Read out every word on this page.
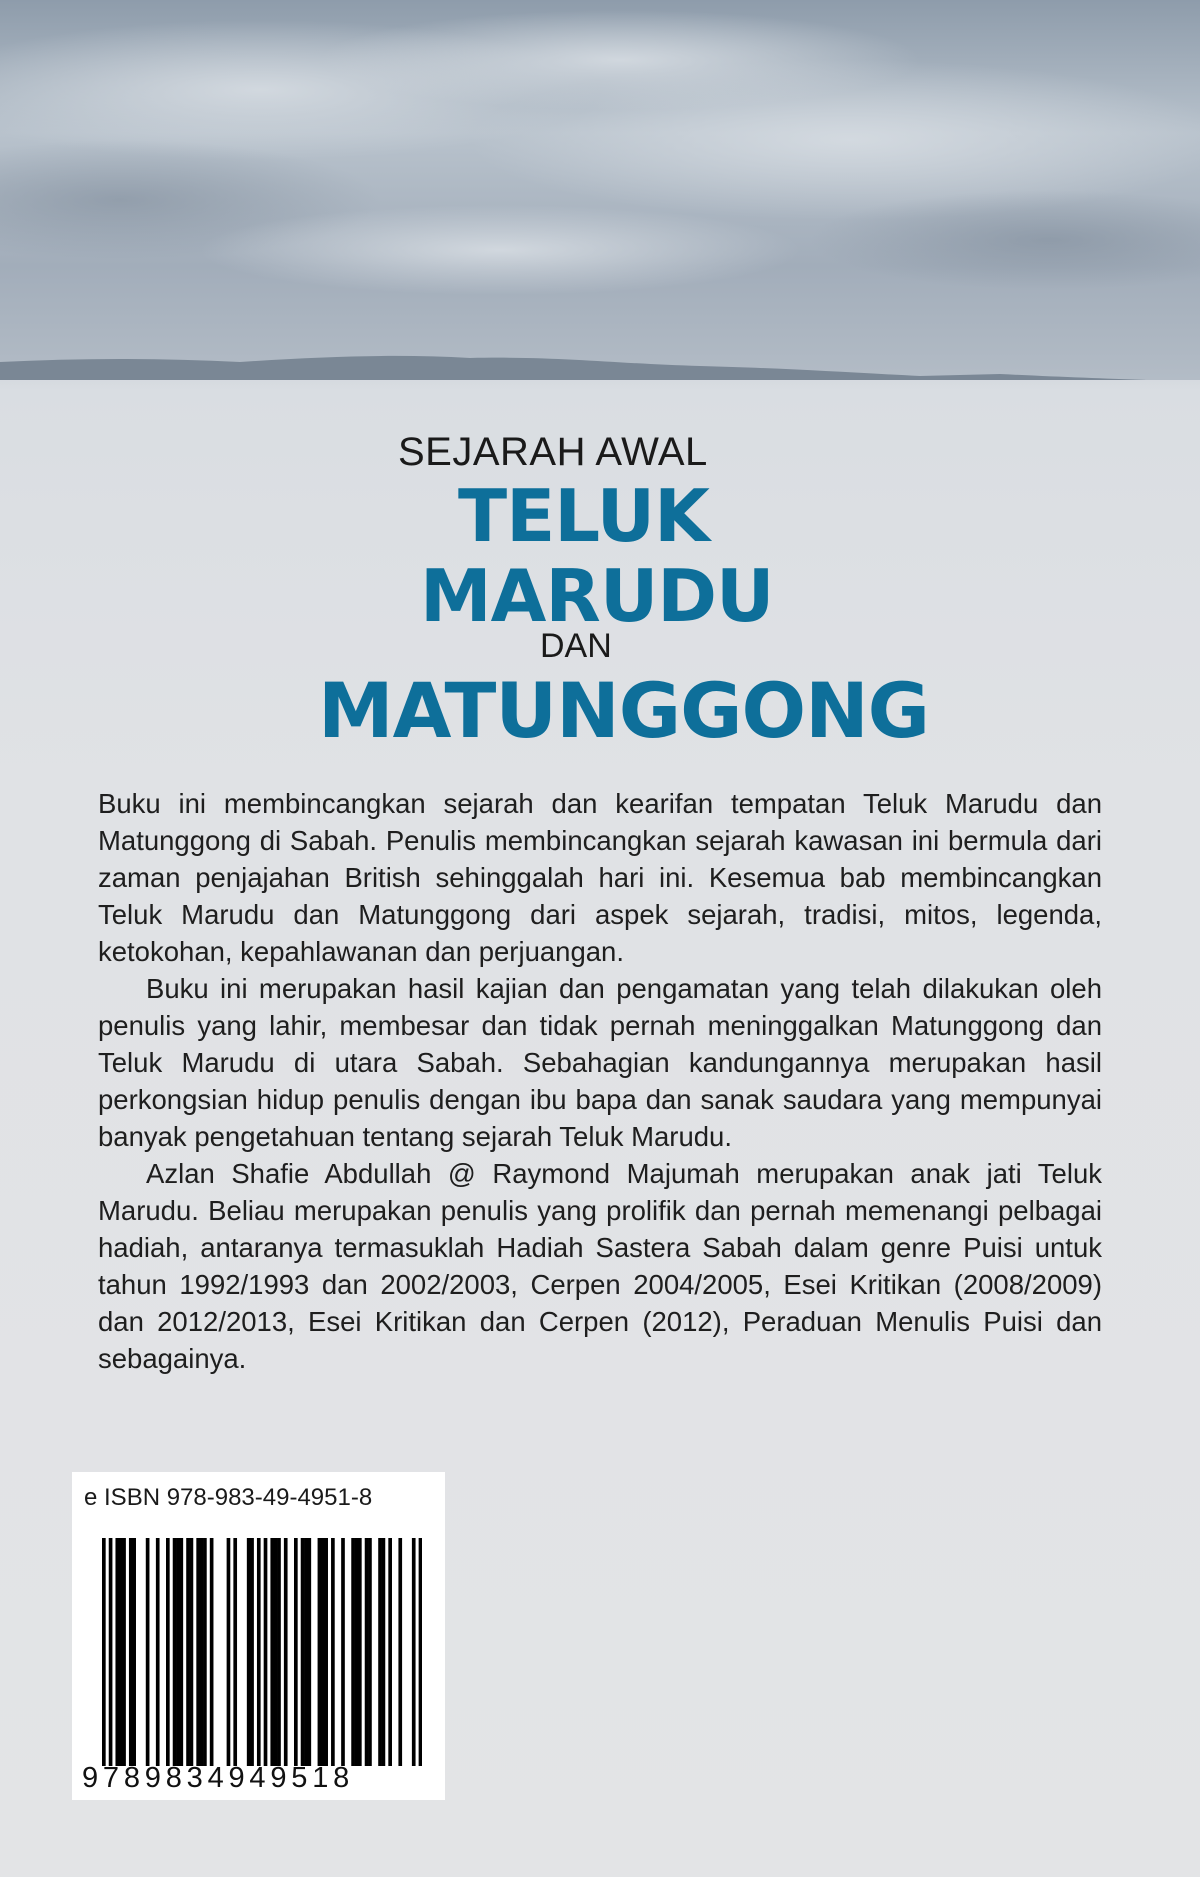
SEJARAH AWAL
TELUK
MARUDU
DAN
MATUNGGONG

Buku ini membincangkan sejarah dan kearifan tempatan Teluk Marudu dan Matunggong di Sabah. Penulis membincangkan sejarah kawasan ini bermula dari zaman penjajahan British sehinggalah hari ini. Kesemua bab membincangkan Teluk Marudu dan Matunggong dari aspek sejarah, tradisi, mitos, legenda, ketokohan, kepahlawanan dan perjuangan.

Buku ini merupakan hasil kajian dan pengamatan yang telah dilakukan oleh penulis yang lahir, membesar dan tidak pernah meninggalkan Matunggong dan Teluk Marudu di utara Sabah. Sebahagian kandungannya merupakan hasil perkongsian hidup penulis dengan ibu bapa dan sanak saudara yang mempunyai banyak pengetahuan tentang sejarah Teluk Marudu.

Azlan Shafie Abdullah @ Raymond Majumah merupakan anak jati Teluk Marudu. Beliau merupakan penulis yang prolifik dan pernah memenangi pelbagai hadiah, antaranya termasuklah Hadiah Sastera Sabah dalam genre Puisi untuk tahun 1992/1993 dan 2002/2003, Cerpen 2004/2005, Esei Kritikan (2008/2009) dan 2012/2013, Esei Kritikan dan Cerpen (2012), Peraduan Menulis Puisi dan sebagainya.

e ISBN 978-983-49-4951-8
9789834949518
